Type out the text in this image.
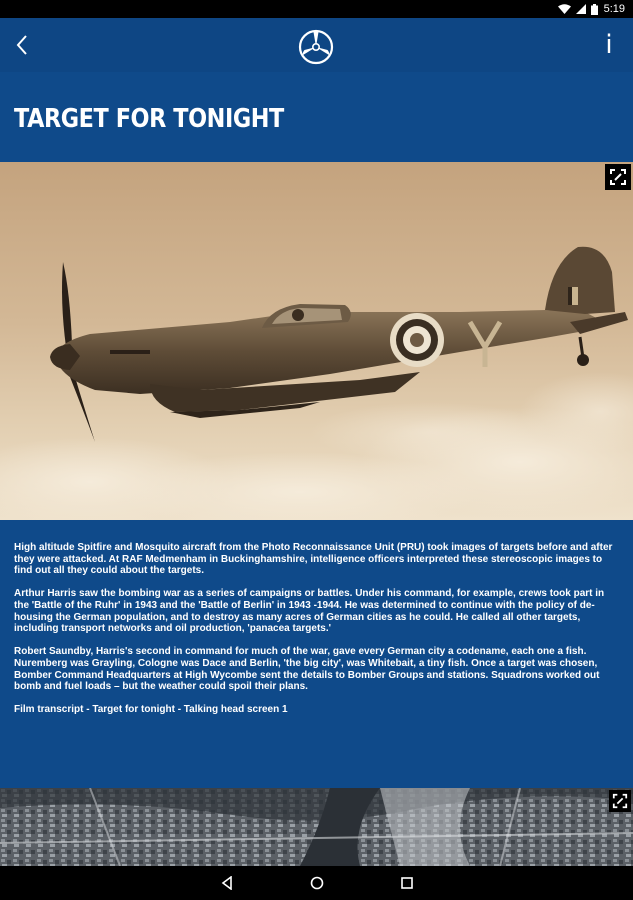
5:19
i
TARGET FOR TONIGHT

High altitude Spitfire and Mosquito aircraft from the Photo Reconnaissance Unit (PRU) took images of targets before and after they were attacked. At RAF Medmenham in Buckinghamshire, intelligence officers interpreted these stereoscopic images to find out all they could about the targets.

Arthur Harris saw the bombing war as a series of campaigns or battles. Under his command, for example, crews took part in the 'Battle of the Ruhr' in 1943 and the 'Battle of Berlin' in 1943 -1944. He was determined to continue with the policy of de-housing the German population, and to destroy as many acres of German cities as he could. He called all other targets, including transport networks and oil production, 'panacea targets.'

Robert Saundby, Harris's second in command for much of the war, gave every German city a codename, each one a fish. Nuremberg was Grayling, Cologne was Dace and Berlin, 'the big city', was Whitebait, a tiny fish. Once a target was chosen, Bomber Command Headquarters at High Wycombe sent the details to Bomber Groups and stations. Squadrons worked out bomb and fuel loads – but the weather could spoil their plans.

Film transcript - Target for tonight - Talking head screen 1
